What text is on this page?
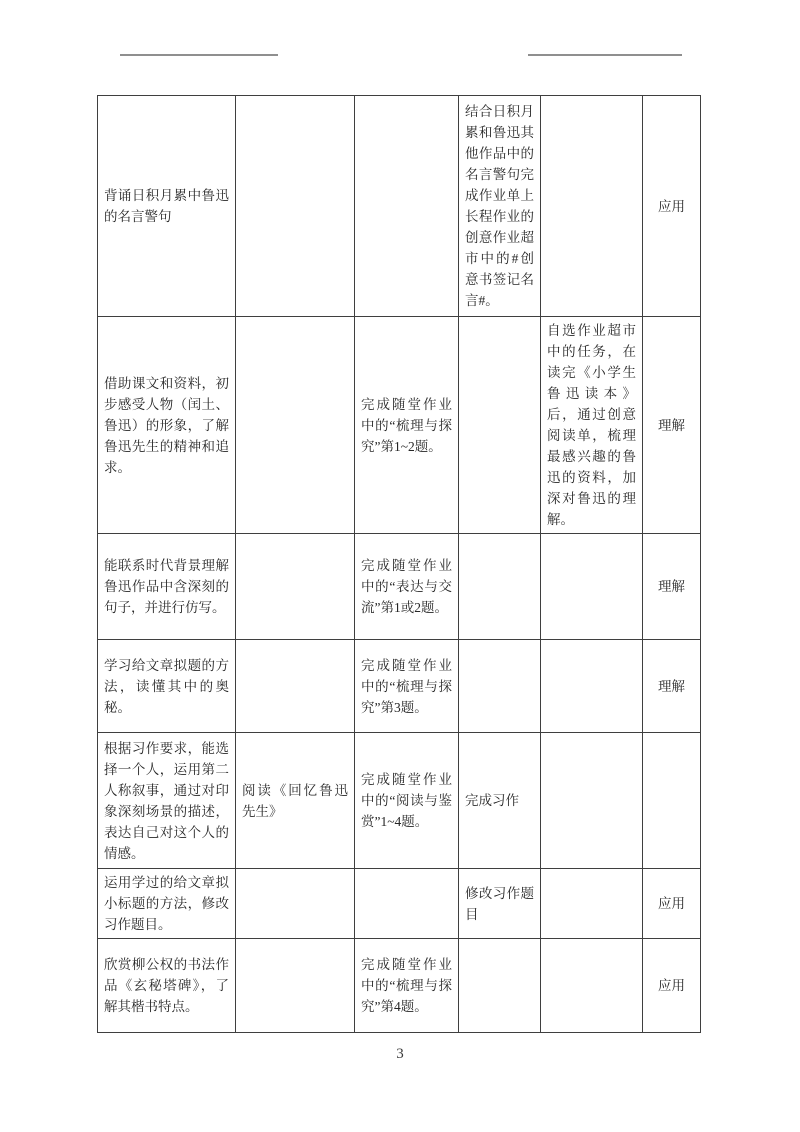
背诵日积月累中鲁迅的名言警句			结合日积月累和鲁迅其他作品中的名言警句完成作业单上长程作业的创意作业超市中的#创意书签记名言#。		应用
借助课文和资料，初步感受人物（闰土、鲁迅）的形象，了解鲁迅先生的精神和追求。		完成随堂作业中的“梳理与探究”第1~2题。		自选作业超市中的任务，在读完《小学生鲁迅读本》后，通过创意阅读单，梳理最感兴趣的鲁迅的资料，加深对鲁迅的理解。	理解
能联系时代背景理解鲁迅作品中含深刻的句子，并进行仿写。		完成随堂作业中的“表达与交流”第1或2题。			理解
学习给文章拟题的方法，读懂其中的奥秘。		完成随堂作业中的“梳理与探究”第3题。			理解
根据习作要求，能选择一个人，运用第二人称叙事，通过对印象深刻场景的描述，表达自己对这个人的情感。	阅读《回忆鲁迅先生》	完成随堂作业中的“阅读与鉴赏”1~4题。	完成习作		
运用学过的给文章拟小标题的方法，修改习作题目。			修改习作题目		应用
欣赏柳公权的书法作品《玄秘塔碑》，了解其楷书特点。		完成随堂作业中的“梳理与探究”第4题。			应用
3
